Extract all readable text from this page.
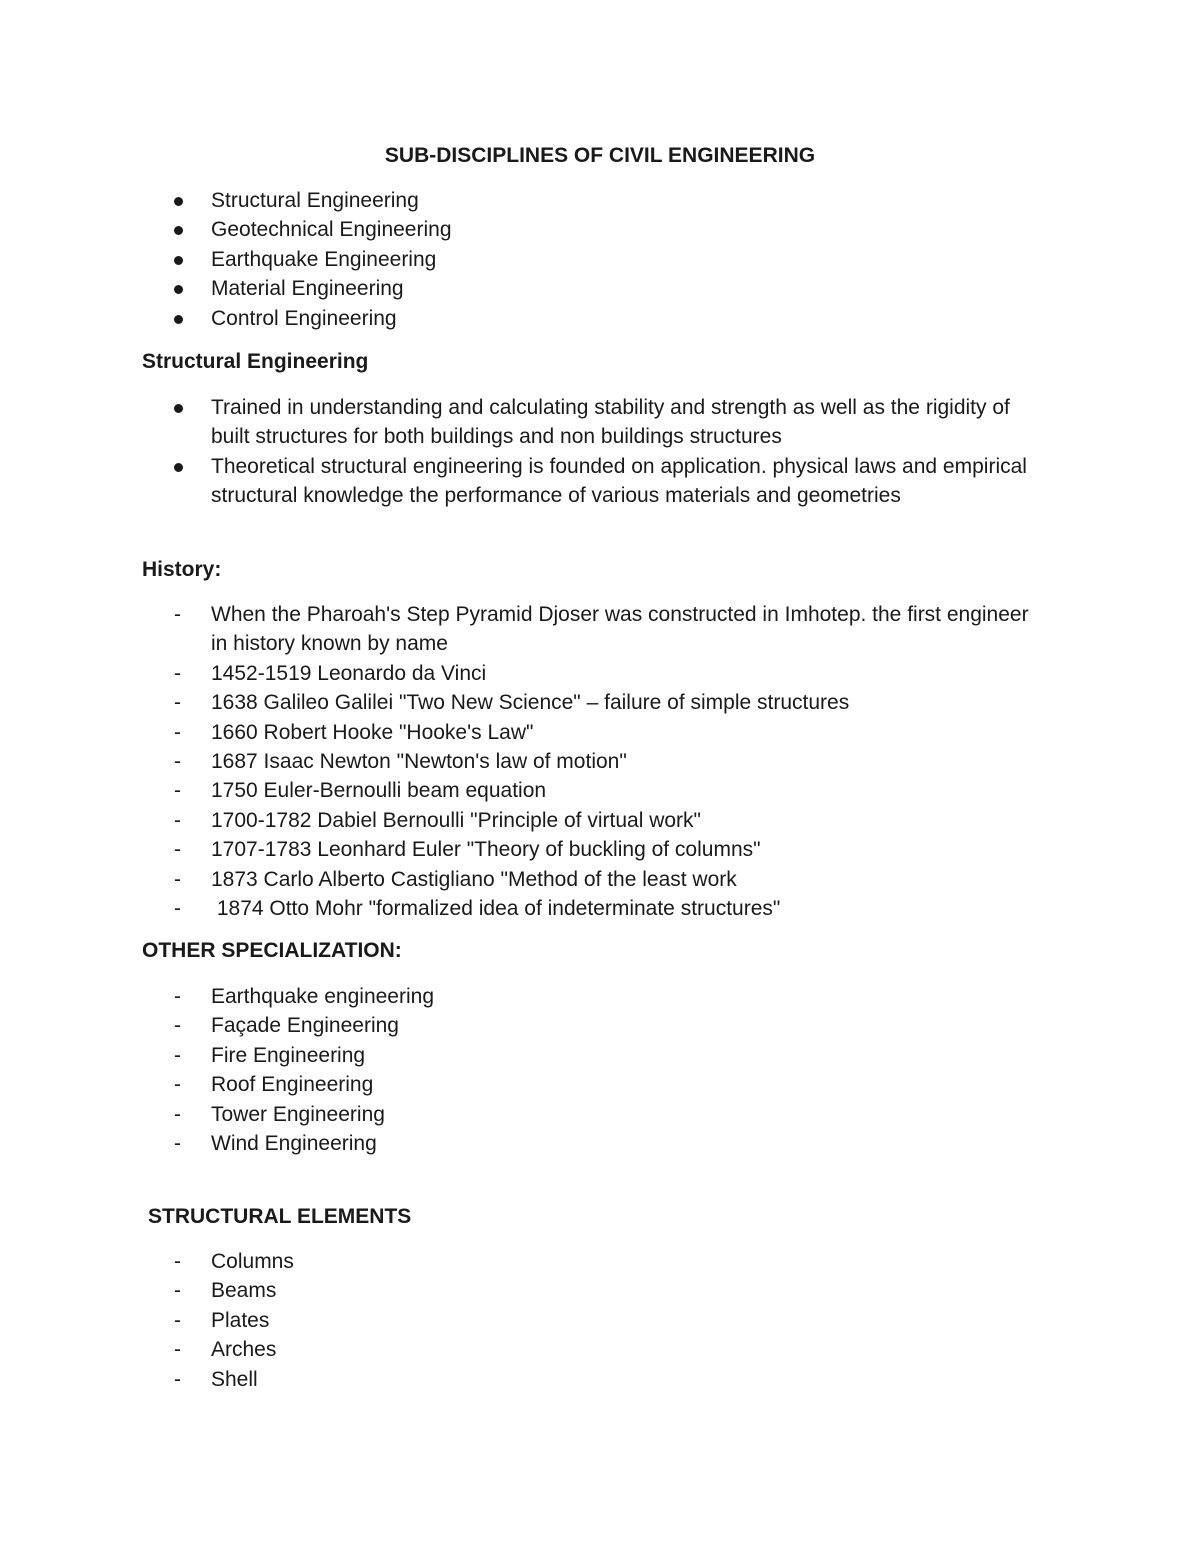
SUB-DISCIPLINES OF CIVIL ENGINEERING
Structural Engineering
Geotechnical Engineering
Earthquake Engineering
Material Engineering
Control Engineering
Structural Engineering
Trained in understanding and calculating stability and strength as well as the rigidity of built structures for both buildings and non buildings structures
Theoretical structural engineering is founded on application. physical laws and empirical structural knowledge the performance of various materials and geometries
History:
-
When the Pharoah's Step Pyramid Djoser was constructed in Imhotep. the first engineer in history known by name
-
1452-1519 Leonardo da Vinci
-
1638 Galileo Galilei "Two New Science" – failure of simple structures
-
1660 Robert Hooke "Hooke's Law"
-
1687 Isaac Newton "Newton's law of motion"
-
1750 Euler-Bernoulli beam equation
-
1700-1782 Dabiel Bernoulli "Principle of virtual work"
-
1707-1783 Leonhard Euler "Theory of buckling of columns"
-
1873 Carlo Alberto Castigliano "Method of the least work
-
1874 Otto Mohr "formalized idea of indeterminate structures"
OTHER SPECIALIZATION:
-
Earthquake engineering
-
Façade Engineering
-
Fire Engineering
-
Roof Engineering
-
Tower Engineering
-
Wind Engineering
STRUCTURAL ELEMENTS
-
Columns
-
Beams
-
Plates
-
Arches
-
Shell
